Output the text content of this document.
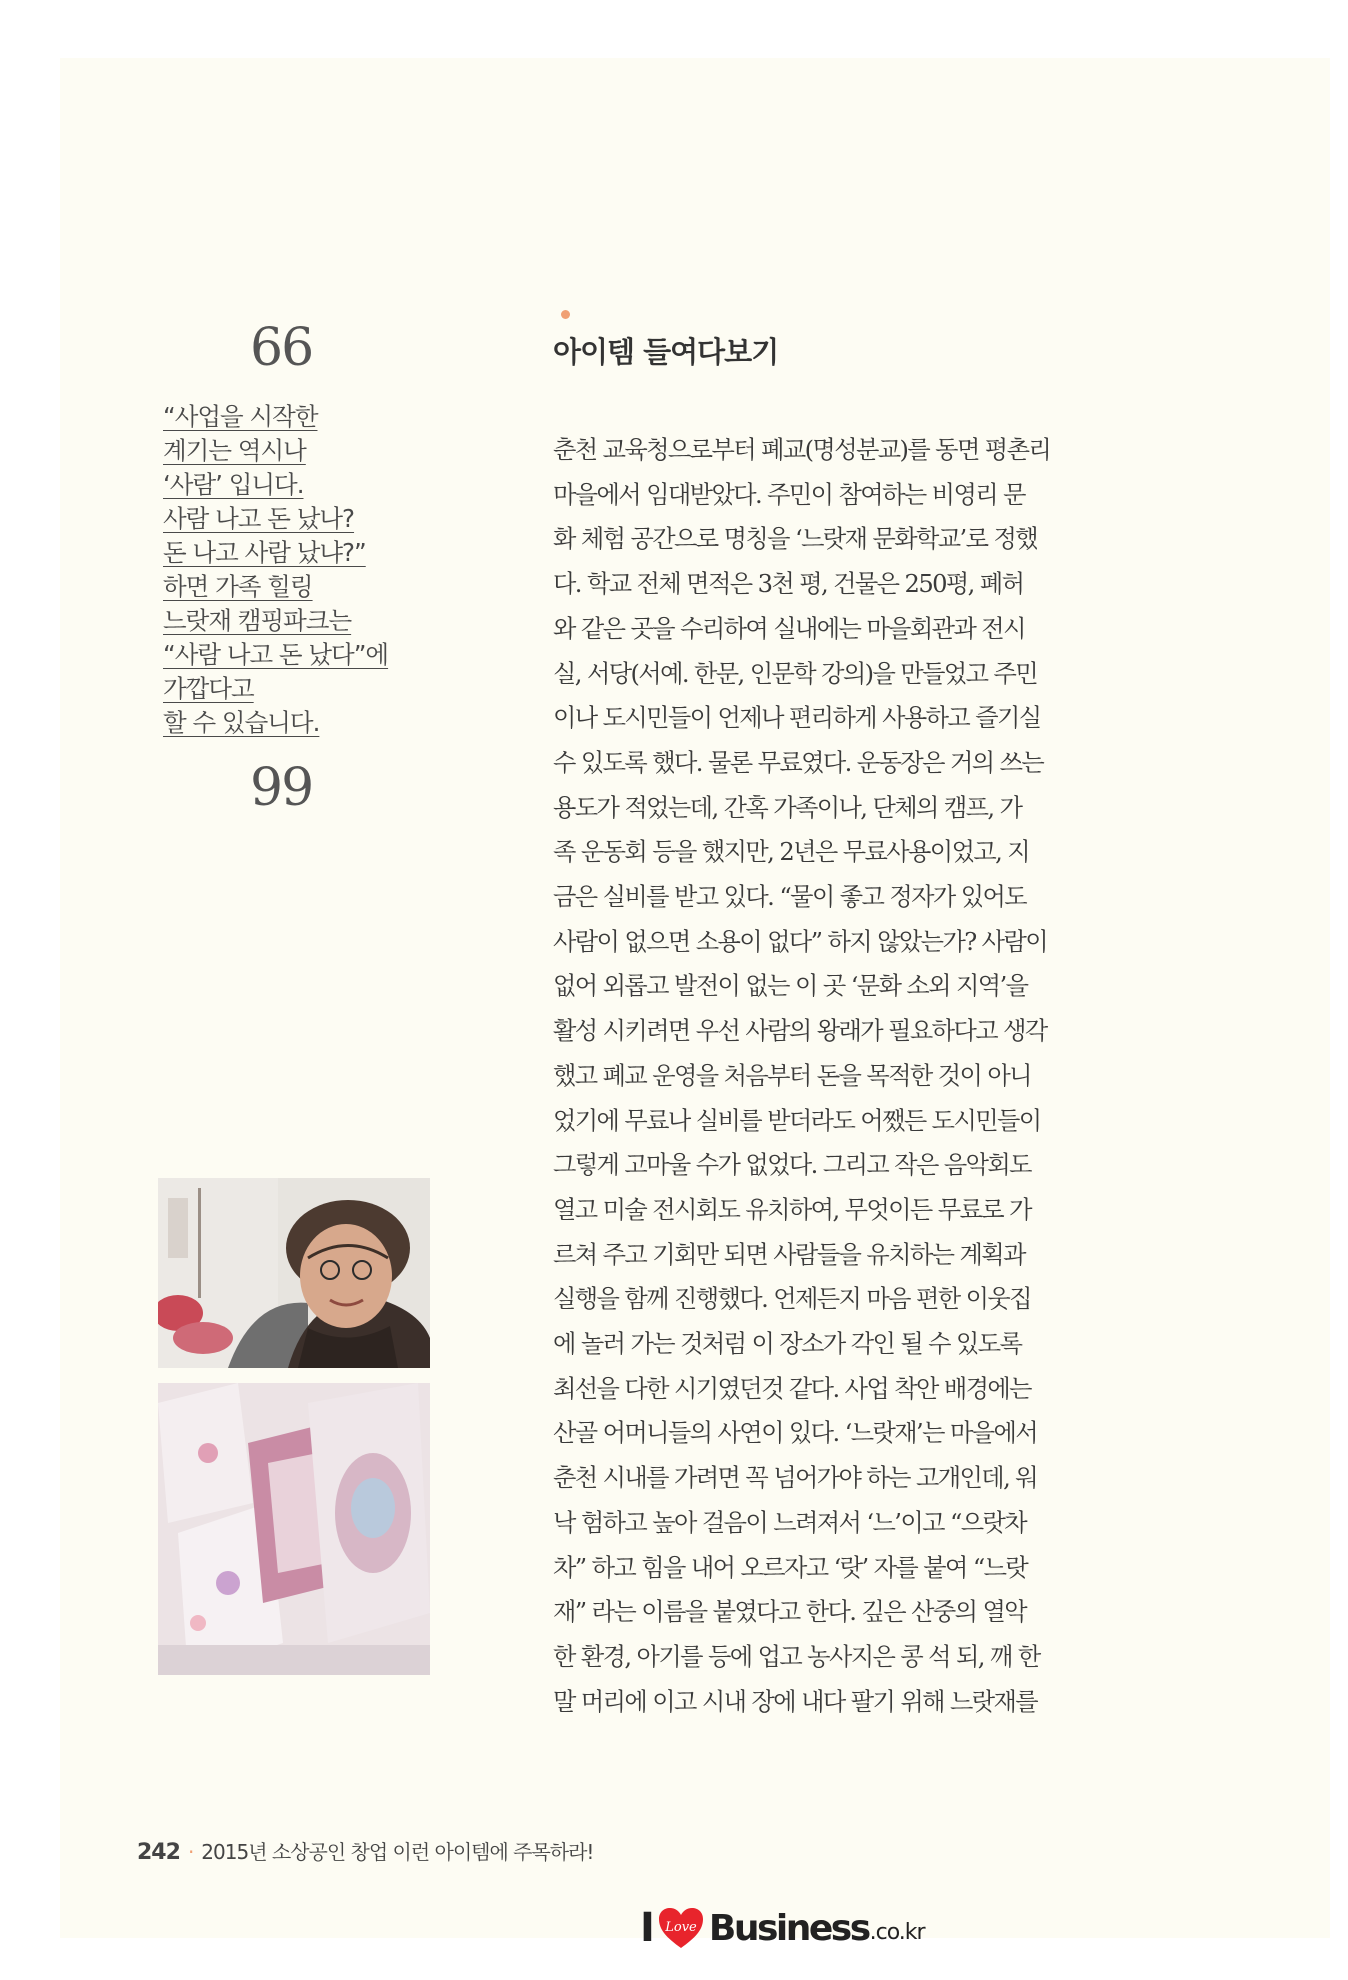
66
“사업을 시작한
계기는 역시나
‘사람’ 입니다.
사람 나고 돈 났나?
돈 나고 사람 났냐?”
하면 가족 힐링
느랏재 캠핑파크는
“사람 나고 돈 났다”에
가깝다고
할 수 있습니다.
99
아이템 들여다보기
춘천 교육청으로부터 폐교(명성분교)를 동면 평촌리
마을에서 임대받았다. 주민이 참여하는 비영리 문
화 체험 공간으로 명칭을 ‘느랏재 문화학교’로 정했
다. 학교 전체 면적은 3천 평, 건물은 250평, 폐허
와 같은 곳을 수리하여 실내에는 마을회관과 전시
실, 서당(서예. 한문, 인문학 강의)을 만들었고 주민
이나 도시민들이 언제나 편리하게 사용하고 즐기실
수 있도록 했다. 물론 무료였다. 운동장은 거의 쓰는
용도가 적었는데, 간혹 가족이나, 단체의 캠프, 가
족 운동회 등을 했지만, 2년은 무료사용이었고, 지
금은 실비를 받고 있다. “물이 좋고 정자가 있어도
사람이 없으면 소용이 없다” 하지 않았는가? 사람이
없어 외롭고 발전이 없는 이 곳 ‘문화 소외 지역’을
활성 시키려면 우선 사람의 왕래가 필요하다고 생각
했고 폐교 운영을 처음부터 돈을 목적한 것이 아니
었기에 무료나 실비를 받더라도 어쨌든 도시민들이
그렇게 고마울 수가 없었다. 그리고 작은 음악회도
열고 미술 전시회도 유치하여, 무엇이든 무료로 가
르쳐 주고 기회만 되면 사람들을 유치하는 계획과
실행을 함께 진행했다. 언제든지 마음 편한 이웃집
에 놀러 가는 것처럼 이 장소가 각인 될 수 있도록
최선을 다한 시기였던것 같다. 사업 착안 배경에는
산골 어머니들의 사연이 있다. ‘느랏재’는 마을에서
춘천 시내를 가려면 꼭 넘어가야 하는 고개인데, 워
낙 험하고 높아 걸음이 느려져서 ‘느’이고 “으랏차
차” 하고 힘을 내어 오르자고 ‘랏’ 자를 붙여 “느랏
재” 라는 이름을 붙였다고 한다. 깊은 산중의 열악
한 환경, 아기를 등에 업고 농사지은 콩 석 되, 깨 한
말 머리에 이고 시내 장에 내다 팔기 위해 느랏재를
242 · 2015년 소상공인 창업 이런 아이템에 주목하라!
I Love Business .co.kr
